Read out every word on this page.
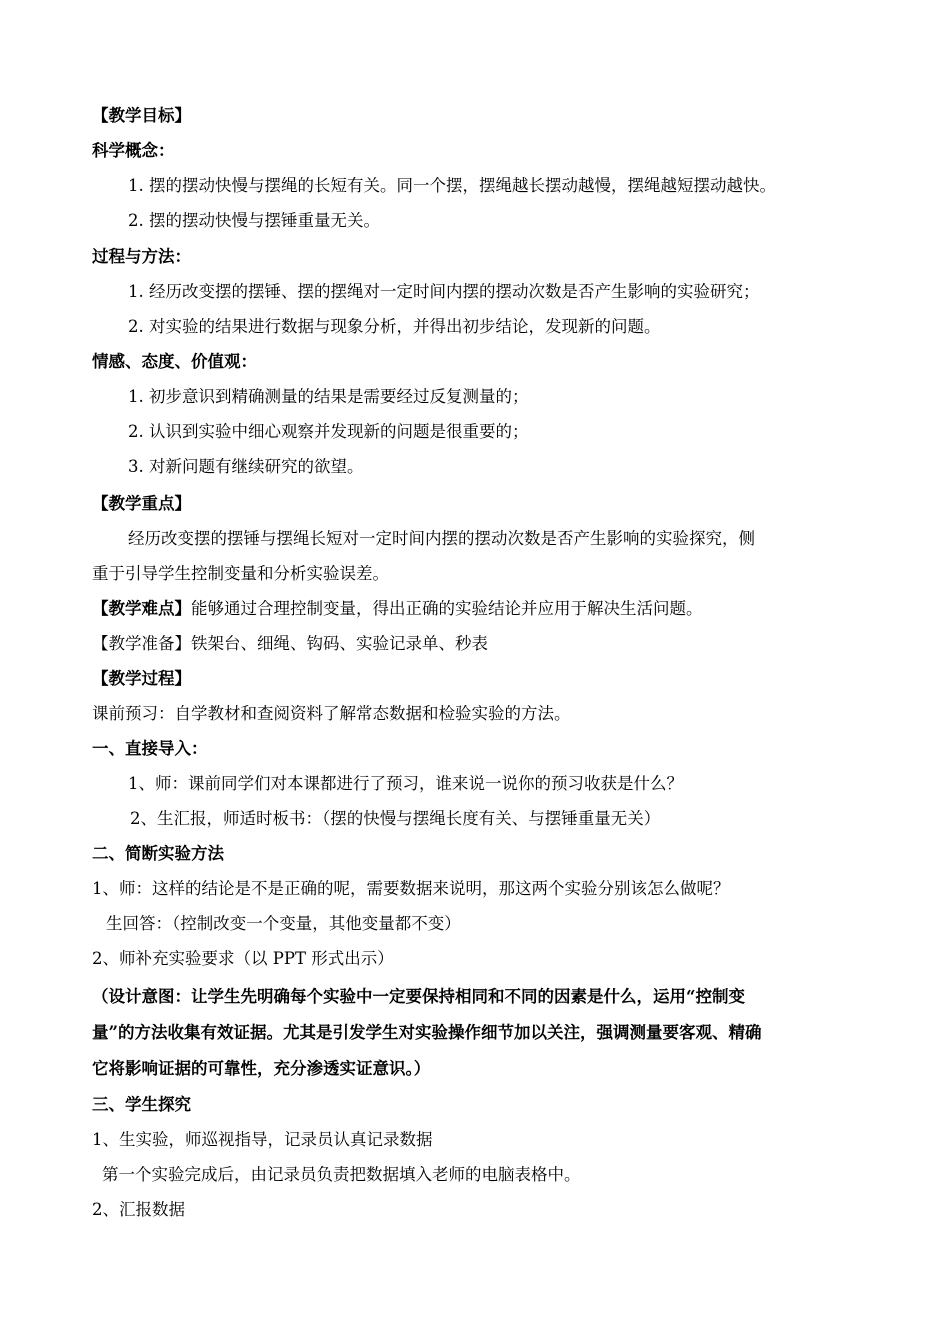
【教学目标】
科学概念：
1. 摆的摆动快慢与摆绳的长短有关。同一个摆，摆绳越长摆动越慢，摆绳越短摆动越快。
2. 摆的摆动快慢与摆锤重量无关。
过程与方法：
1. 经历改变摆的摆锤、摆的摆绳对一定时间内摆的摆动次数是否产生影响的实验研究；
2. 对实验的结果进行数据与现象分析，并得出初步结论，发现新的问题。
情感、态度、价值观：
1. 初步意识到精确测量的结果是需要经过反复测量的；
2. 认识到实验中细心观察并发现新的问题是很重要的；
3. 对新问题有继续研究的欲望。
【教学重点】
经历改变摆的摆锤与摆绳长短对一定时间内摆的摆动次数是否产生影响的实验探究，侧
重于引导学生控制变量和分析实验误差。
【教学难点】能够通过合理控制变量，得出正确的实验结论并应用于解决生活问题。
【教学准备】铁架台、细绳、钩码、实验记录单、秒表
【教学过程】
课前预习：自学教材和查阅资料了解常态数据和检验实验的方法。
一、直接导入：
1、师：课前同学们对本课都进行了预习，谁来说一说你的预习收获是什么？
2、生汇报，师适时板书：（摆的快慢与摆绳长度有关、与摆锤重量无关）
二、简断实验方法
1、师：这样的结论是不是正确的呢，需要数据来说明，那这两个实验分别该怎么做呢？
生回答：（控制改变一个变量，其他变量都不变）
2、师补充实验要求（以 PPT 形式出示）
（设计意图：让学生先明确每个实验中一定要保持相同和不同的因素是什么，运用“控制变
量”的方法收集有效证据。尤其是引发学生对实验操作细节加以关注，强调测量要客观、精确
它将影响证据的可靠性，充分渗透实证意识。）
三、学生探究
1、生实验，师巡视指导，记录员认真记录数据
第一个实验完成后，由记录员负责把数据填入老师的电脑表格中。
2、汇报数据
